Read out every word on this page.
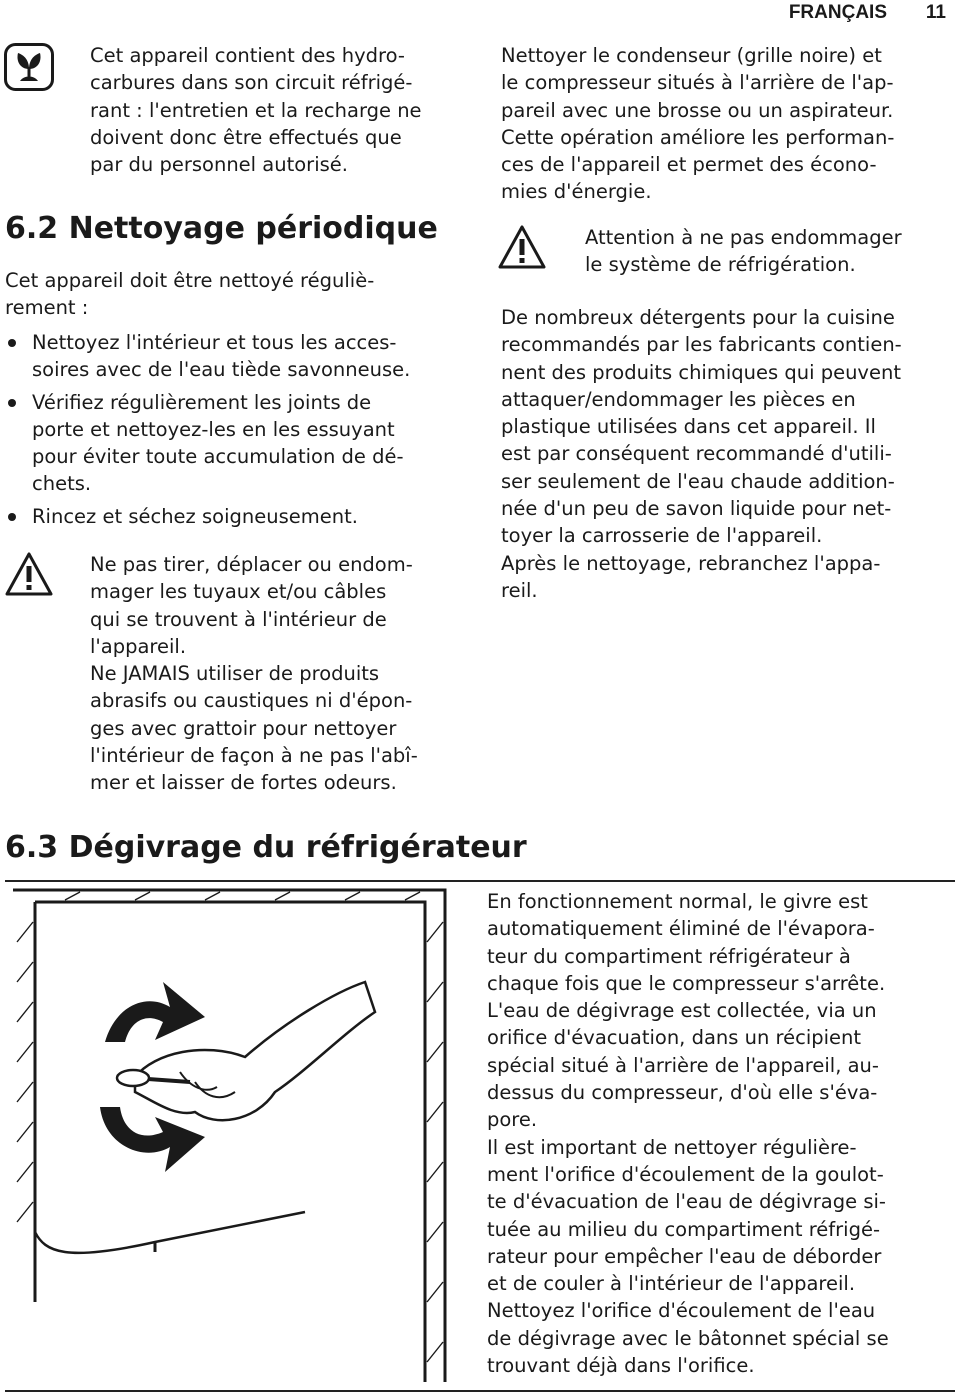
FRANÇAIS 11

Cet appareil contient des hydro-
carbures dans son circuit réfrigé-
rant : l'entretien et la recharge ne
doivent donc être effectués que
par du personnel autorisé.

6.2 Nettoyage périodique

Cet appareil doit être nettoyé réguliè-
rement :

Nettoyez l'intérieur et tous les acces-
soires avec de l'eau tiède savonneuse.
Vérifiez régulièrement les joints de
porte et nettoyez-les en les essuyant
pour éviter toute accumulation de dé-
chets.
Rincez et séchez soigneusement.

Ne pas tirer, déplacer ou endom-
mager les tuyaux et/ou câbles
qui se trouvent à l'intérieur de
l'appareil.
Ne JAMAIS utiliser de produits
abrasifs ou caustiques ni d'épon-
ges avec grattoir pour nettoyer
l'intérieur de façon à ne pas l'abî-
mer et laisser de fortes odeurs.

Nettoyer le condenseur (grille noire) et
le compresseur situés à l'arrière de l'ap-
pareil avec une brosse ou un aspirateur.
Cette opération améliore les performan-
ces de l'appareil et permet des écono-
mies d'énergie.

Attention à ne pas endommager
le système de réfrigération.

De nombreux détergents pour la cuisine
recommandés par les fabricants contien-
nent des produits chimiques qui peuvent
attaquer/endommager les pièces en
plastique utilisées dans cet appareil. Il
est par conséquent recommandé d'utili-
ser seulement de l'eau chaude addition-
née d'un peu de savon liquide pour net-
toyer la carrosserie de l'appareil.
Après le nettoyage, rebranchez l'appa-
reil.

6.3 Dégivrage du réfrigérateur

En fonctionnement normal, le givre est
automatiquement éliminé de l'évapora-
teur du compartiment réfrigérateur à
chaque fois que le compresseur s'arrête.
L'eau de dégivrage est collectée, via un
orifice d'évacuation, dans un récipient
spécial situé à l'arrière de l'appareil, au-
dessus du compresseur, d'où elle s'éva-
pore.
Il est important de nettoyer régulière-
ment l'orifice d'écoulement de la goulot-
te d'évacuation de l'eau de dégivrage si-
tuée au milieu du compartiment réfrigé-
rateur pour empêcher l'eau de déborder
et de couler à l'intérieur de l'appareil.
Nettoyez l'orifice d'écoulement de l'eau
de dégivrage avec le bâtonnet spécial se
trouvant déjà dans l'orifice.
